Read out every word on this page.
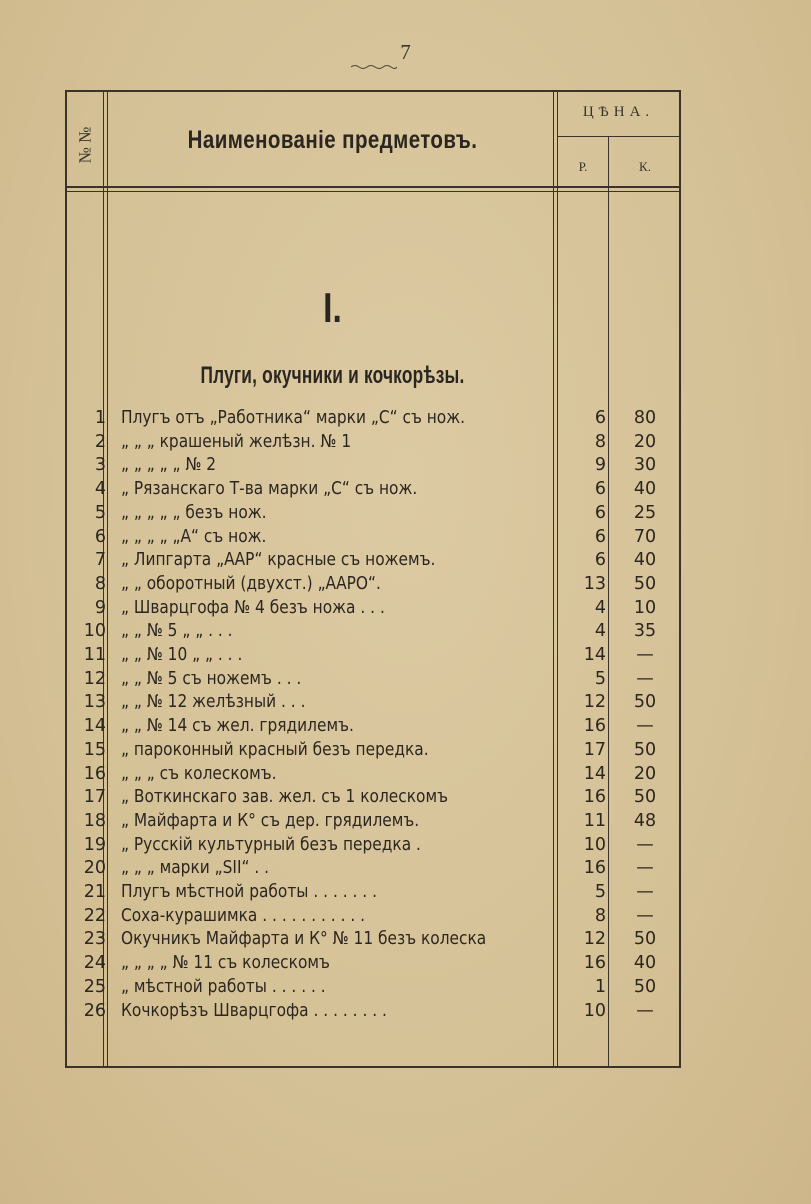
7
№ №	Наименованіе предметовъ.
ЦѢНА.
Р.	К.
I.
Плуги, окучники и кочкорѣзы.
1 Плугъ отъ „Работника“ марки „С“ съ нож.	6	80
2 „ „ „ крашеный желѣзн. № 1	8	20
3 „ „ „ „ „ № 2	9	30
4 „ Рязанскаго Т-ва марки „С“ съ нож.	6	40
5 „ „ „ „ „ безъ нож.	6	25
6 „ „ „ „ „А“ съ нож.	6	70
7 „ Липгарта „ААР“ красные съ ножемъ.	6	40
8 „ „ оборотный (двухст.) „ААРО“.	13	50
9 „ Шварцгофа № 4 безъ ножа . . .	4	10
10 „ „ № 5 „ „ . . .	4	35
11 „ „ № 10 „ „ . . .	14	—
12 „ „ № 5 съ ножемъ . . .	5	—
13 „ „ № 12 желѣзный . . .	12	50
14 „ „ № 14 съ жел. грядилемъ.	16	—
15 „ пароконный красный безъ передка.	17	50
16 „ „ „ съ колескомъ.	14	20
17 „ Воткинскаго зав. жел. съ 1 колескомъ	16	50
18 „ Майфарта и К° съ дер. грядилемъ.	11	48
19 „ Русскій культурный безъ передка .	10	—
20 „ „ „ марки „SII“ . .	16	—
21 Плугъ мѣстной работы . . . . . . .	5	—
22 Соха-курашимка . . . . . . . . . . .	8	—
23 Окучникъ Майфарта и К° № 11 безъ колеска	12	50
24 „ „ „ „ № 11 съ колескомъ	16	40
25 „ мѣстной работы . . . . . .	1	50
26 Кочкорѣзъ Шварцгофа . . . . . . . .	10	—
